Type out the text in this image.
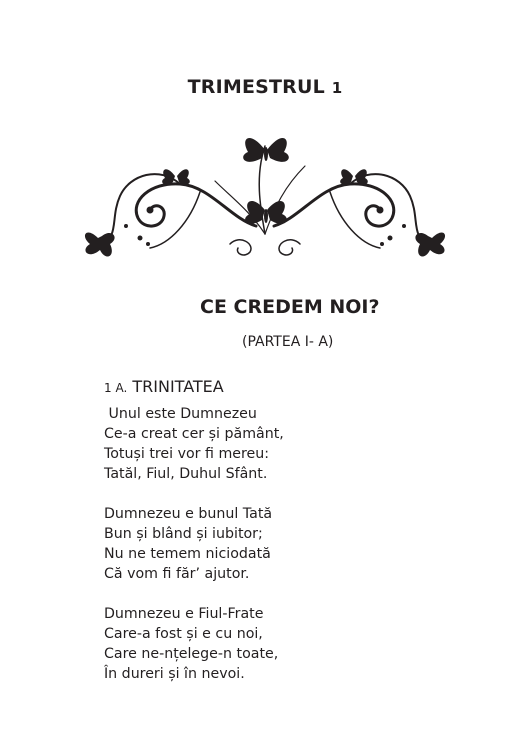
TRIMESTRUL 1
CE CREDEM NOI?
(PARTEA I- A)
1 A. TRINITATEA
Unul este Dumnezeu
Ce-a creat cer și pământ,
Totuși trei vor fi mereu:
Tatăl, Fiul, Duhul Sfânt.
Dumnezeu e bunul Tată
Bun și blând și iubitor;
Nu ne temem niciodată
Că vom fi făr’ ajutor.
Dumnezeu e Fiul-Frate
Care-a fost și e cu noi,
Care ne-nțelege-n toate,
În dureri și în nevoi.
